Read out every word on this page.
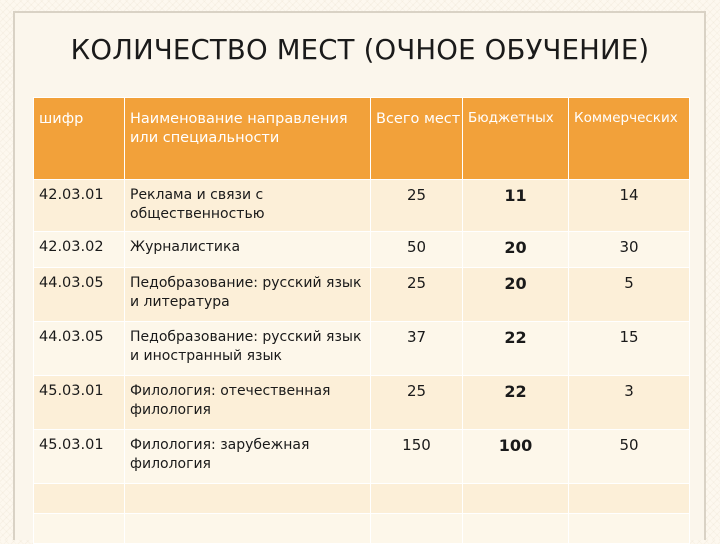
КОЛИЧЕСТВО МЕСТ (ОЧНОЕ ОБУЧЕНИЕ)
шифр	Наименование направления или специальности	Всего мест	Бюджетных	Коммерческих
42.03.01	Реклама и связи с общественностью	25	11	14
42.03.02	Журналистика	50	20	30
44.03.05	Педобразование: русский язык и литература	25	20	5
44.03.05	Педобразование: русский язык и иностранный язык	37	22	15
45.03.01	Филология: отечественная филология	25	22	3
45.03.01	Филология: зарубежная филология	150	100	50
